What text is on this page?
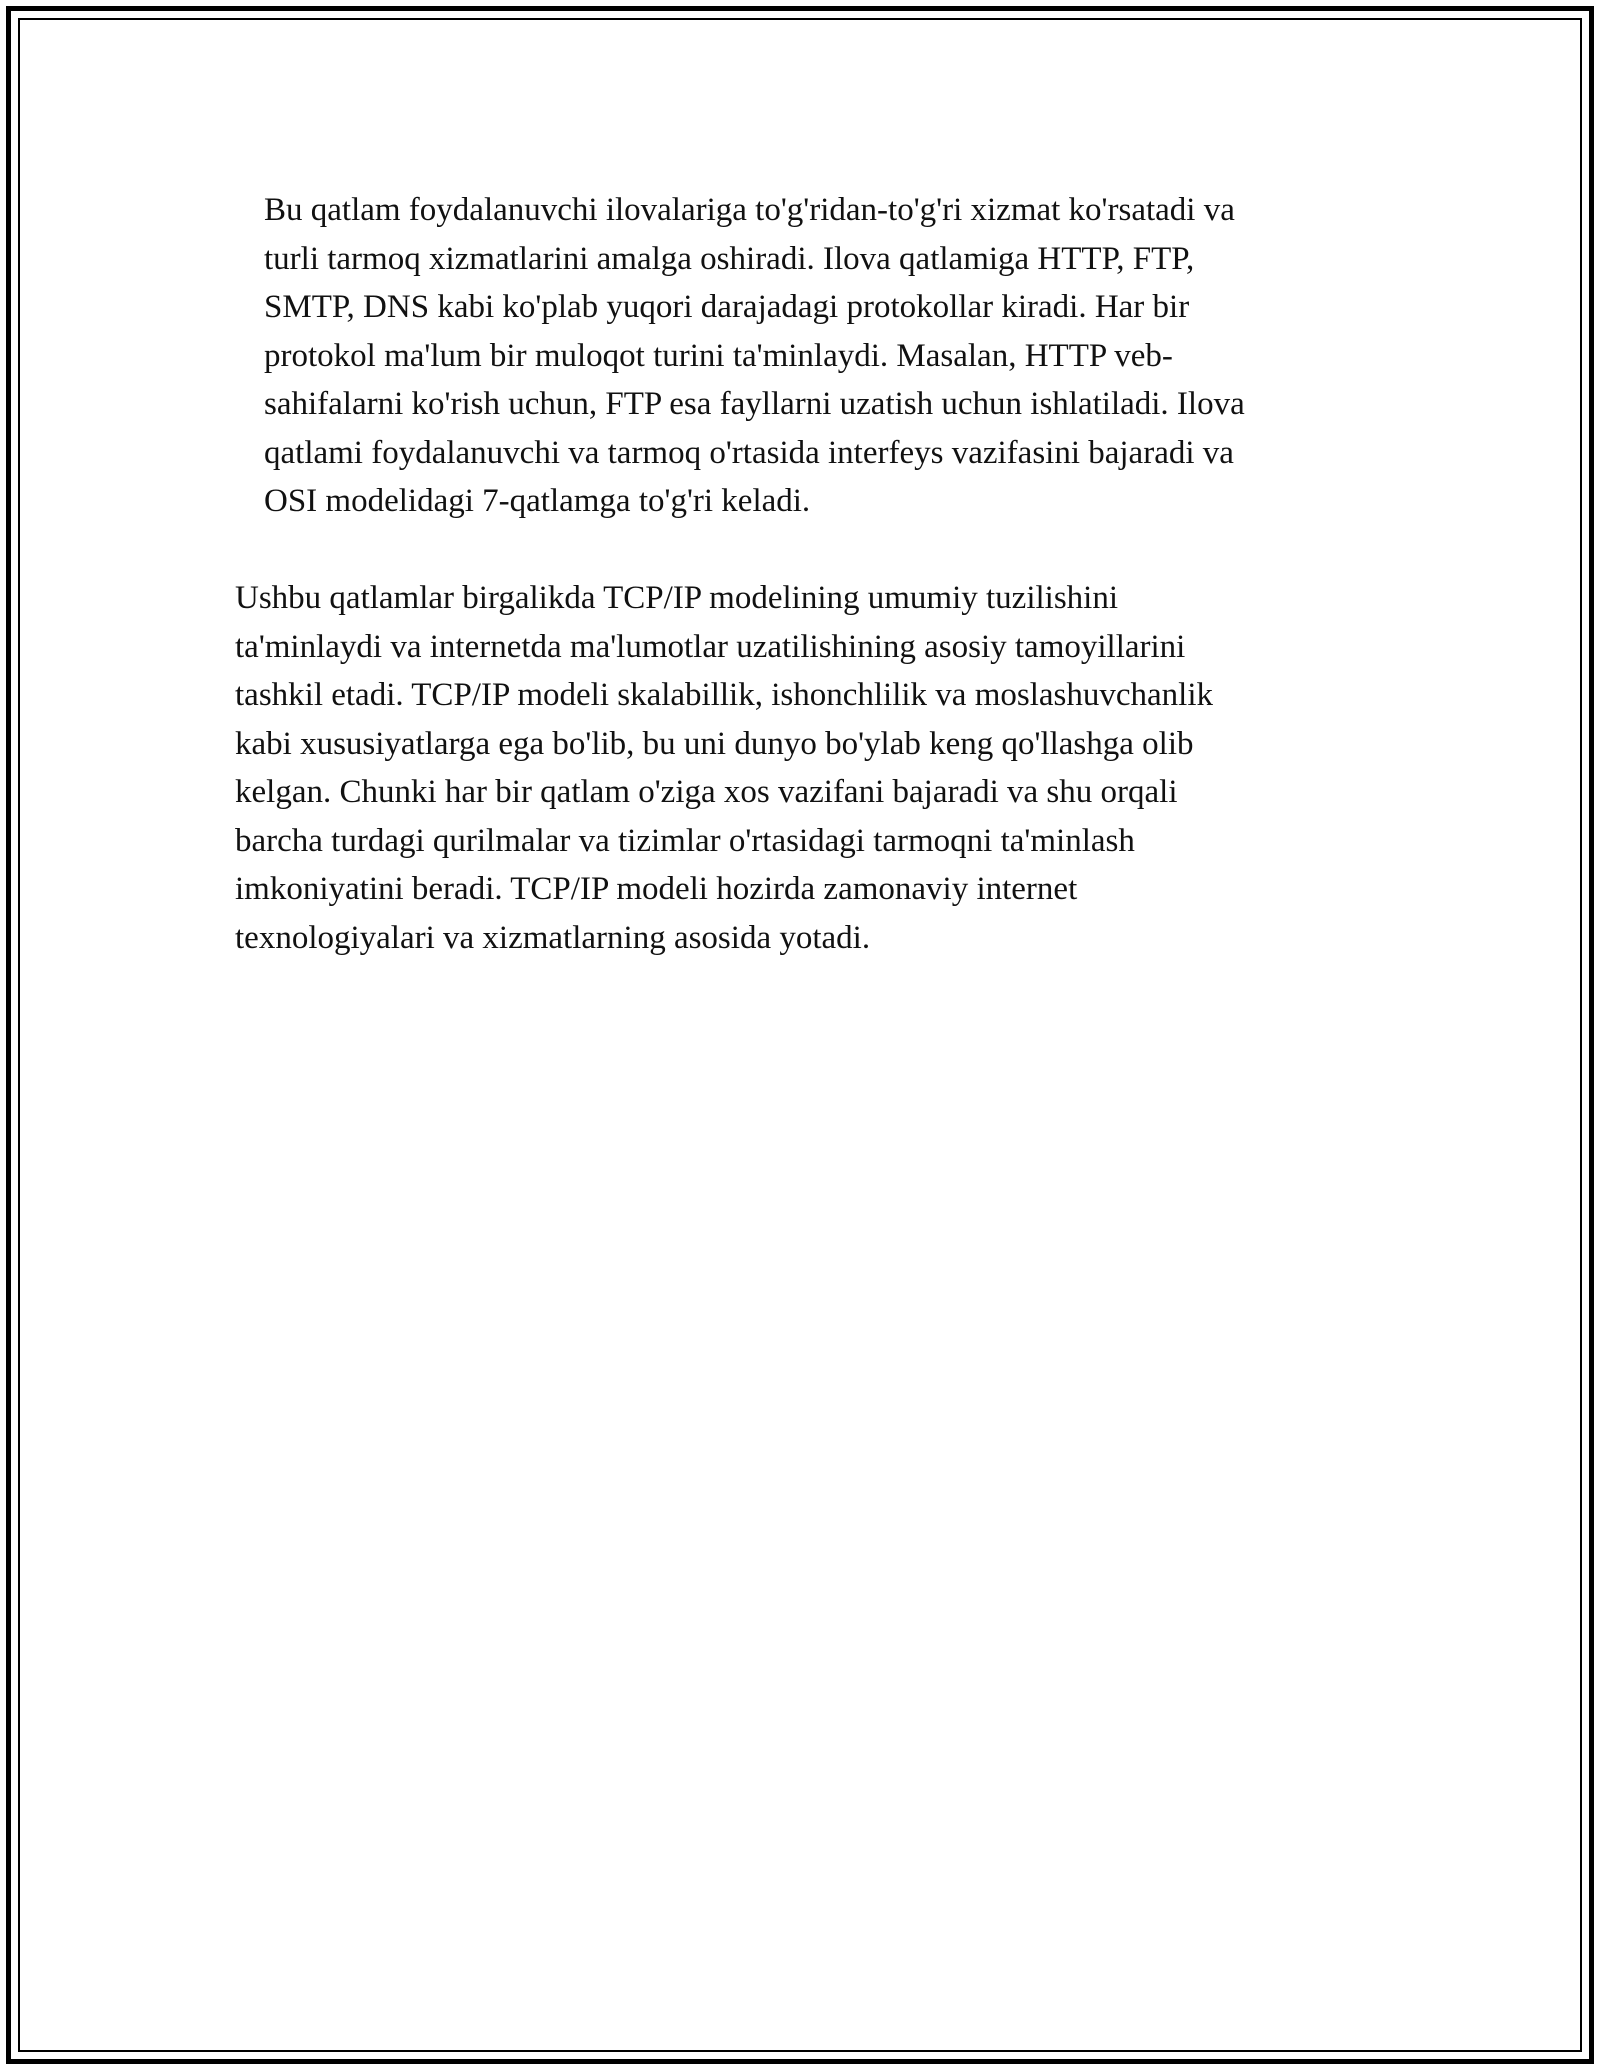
Bu qatlam foydalanuvchi ilovalariga to'g'ridan-to'g'ri xizmat ko'rsatadi va
turli tarmoq xizmatlarini amalga oshiradi. Ilova qatlamiga HTTP, FTP,
SMTP, DNS kabi ko'plab yuqori darajadagi protokollar kiradi. Har bir
protokol ma'lum bir muloqot turini ta'minlaydi. Masalan, HTTP veb-
sahifalarni ko'rish uchun, FTP esa fayllarni uzatish uchun ishlatiladi. Ilova
qatlami foydalanuvchi va tarmoq o'rtasida interfeys vazifasini bajaradi va
OSI modelidagi 7-qatlamga to'g'ri keladi.

Ushbu qatlamlar birgalikda TCP/IP modelining umumiy tuzilishini
ta'minlaydi va internetda ma'lumotlar uzatilishining asosiy tamoyillarini
tashkil etadi. TCP/IP modeli skalabillik, ishonchlilik va moslashuvchanlik
kabi xususiyatlarga ega bo'lib, bu uni dunyo bo'ylab keng qo'llashga olib
kelgan. Chunki har bir qatlam o'ziga xos vazifani bajaradi va shu orqali
barcha turdagi qurilmalar va tizimlar o'rtasidagi tarmoqni ta'minlash
imkoniyatini beradi. TCP/IP modeli hozirda zamonaviy internet
texnologiyalari va xizmatlarning asosida yotadi.
